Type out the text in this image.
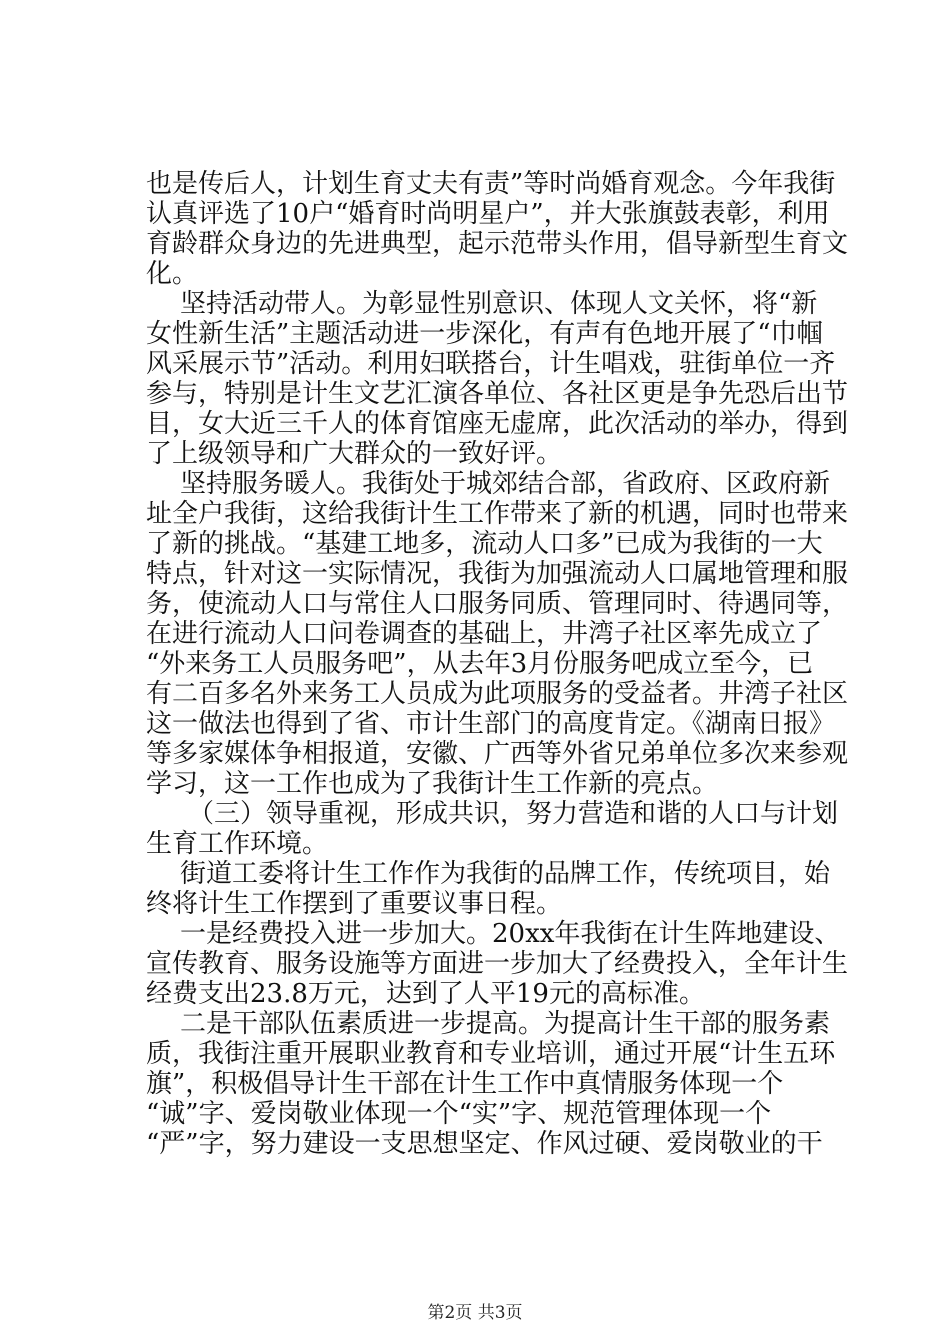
也是传后人，计划生育丈夫有责”等时尚婚育观念。今年我街
认真评选了10户“婚育时尚明星户”，并大张旗鼓表彰，利用
育龄群众身边的先进典型，起示范带头作用，倡导新型生育文
化。
坚持活动带人。为彰显性别意识、体现人文关怀，将“新
女性新生活”主题活动进一步深化，有声有色地开展了“巾帼
风采展示节”活动。利用妇联搭台，计生唱戏，驻街单位一齐
参与，特别是计生文艺汇演各单位、各社区更是争先恐后出节
目，女大近三千人的体育馆座无虚席，此次活动的举办，得到
了上级领导和广大群众的一致好评。
坚持服务暖人。我街处于城郊结合部，省政府、区政府新
址全户我街，这给我街计生工作带来了新的机遇，同时也带来
了新的挑战。“基建工地多，流动人口多”已成为我街的一大
特点，针对这一实际情况，我街为加强流动人口属地管理和服
务，使流动人口与常住人口服务同质、管理同时、待遇同等，
在进行流动人口问卷调查的基础上，井湾子社区率先成立了
“外来务工人员服务吧”，从去年3月份服务吧成立至今，已
有二百多名外来务工人员成为此项服务的受益者。井湾子社区
这一做法也得到了省、市计生部门的高度肯定。《湖南日报》
等多家媒体争相报道，安徽、广西等外省兄弟单位多次来参观
学习，这一工作也成为了我街计生工作新的亮点。
（三）领导重视，形成共识，努力营造和谐的人口与计划
生育工作环境。
街道工委将计生工作作为我街的品牌工作，传统项目，始
终将计生工作摆到了重要议事日程。
一是经费投入进一步加大。20xx年我街在计生阵地建设、
宣传教育、服务设施等方面进一步加大了经费投入，全年计生
经费支出23.8万元，达到了人平19元的高标准。
二是干部队伍素质进一步提高。为提高计生干部的服务素
质，我街注重开展职业教育和专业培训，通过开展“计生五环
旗”，积极倡导计生干部在计生工作中真情服务体现一个
“诚”字、爱岗敬业体现一个“实”字、规范管理体现一个
“严”字，努力建设一支思想坚定、作风过硬、爱岗敬业的干
第2页 共3页
